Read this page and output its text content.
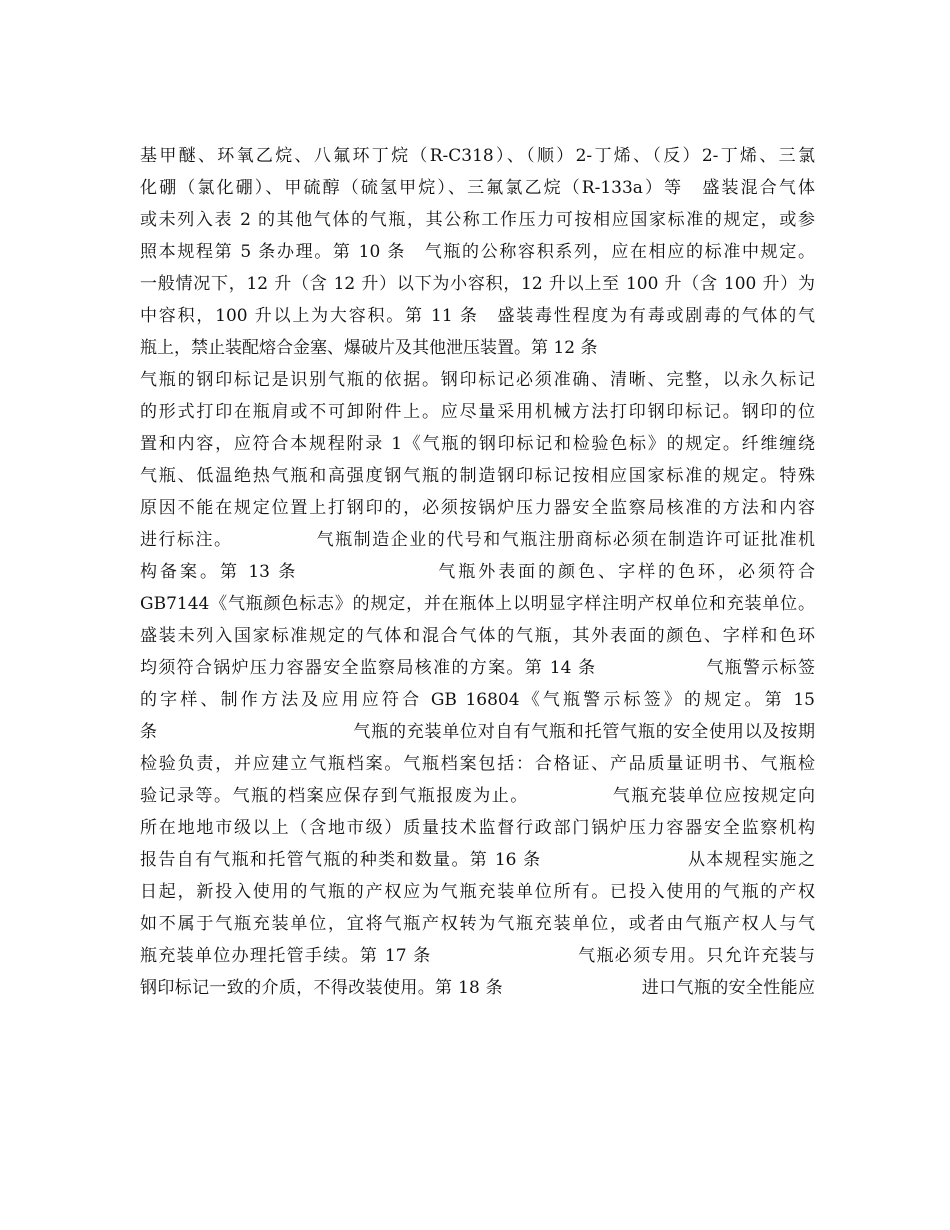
基甲醚、环氧乙烷、八氟环丁烷（R-C318）、（顺）2-丁烯、（反）2-丁烯、三氯
化硼（氯化硼）、甲硫醇（硫氢甲烷）、三氟氯乙烷（R-133a）等　盛装混合气体
或未列入表 2 的其他气体的气瓶，其公称工作压力可按相应国家标准的规定，或参
照本规程第 5 条办理。第 10 条　气瓶的公称容积系列，应在相应的标准中规定。
一般情况下，12 升（含 12 升）以下为小容积，12 升以上至 100 升（含 100 升）为
中容积，100 升以上为大容积。第 11 条　盛装毒性程度为有毒或剧毒的气体的气
瓶上，禁止装配熔合金塞、爆破片及其他泄压装置。第 12 条
气瓶的钢印标记是识别气瓶的依据。钢印标记必须准确、清晰、完整，以永久标记
的形式打印在瓶肩或不可卸附件上。应尽量采用机械方法打印钢印标记。钢印的位
置和内容，应符合本规程附录 1《气瓶的钢印标记和检验色标》的规定。纤维缠绕
气瓶、低温绝热气瓶和高强度钢气瓶的制造钢印标记按相应国家标准的规定。特殊
原因不能在规定位置上打钢印的，必须按锅炉压力器安全监察局核准的方法和内容
进行标注。　　　　　气瓶制造企业的代号和气瓶注册商标必须在制造许可证批准机
构备案。第 13 条　　　　　　　气瓶外表面的颜色、字样的色环，必须符合
GB7144《气瓶颜色标志》的规定，并在瓶体上以明显字样注明产权单位和充装单位。
盛装未列入国家标准规定的气体和混合气体的气瓶，其外表面的颜色、字样和色环
均须符合锅炉压力容器安全监察局核准的方案。第 14 条　　　　　　气瓶警示标签
的字样、制作方法及应用应符合 GB 16804《气瓶警示标签》的规定。第 15
条　　　　　　　　　　　气瓶的充装单位对自有气瓶和托管气瓶的安全使用以及按期
检验负责，并应建立气瓶档案。气瓶档案包括：合格证、产品质量证明书、气瓶检
验记录等。气瓶的档案应保存到气瓶报废为止。　　　　　气瓶充装单位应按规定向
所在地地市级以上（含地市级）质量技术监督行政部门锅炉压力容器安全监察机构
报告自有气瓶和托管气瓶的种类和数量。第 16 条　　　　　　　　从本规程实施之
日起，新投入使用的气瓶的产权应为气瓶充装单位所有。已投入使用的气瓶的产权
如不属于气瓶充装单位，宜将气瓶产权转为气瓶充装单位，或者由气瓶产权人与气
瓶充装单位办理托管手续。第 17 条　　　　　　　　气瓶必须专用。只允许充装与
钢印标记一致的介质，不得改装使用。第 18 条　　　　　　　　进口气瓶的安全性能应
